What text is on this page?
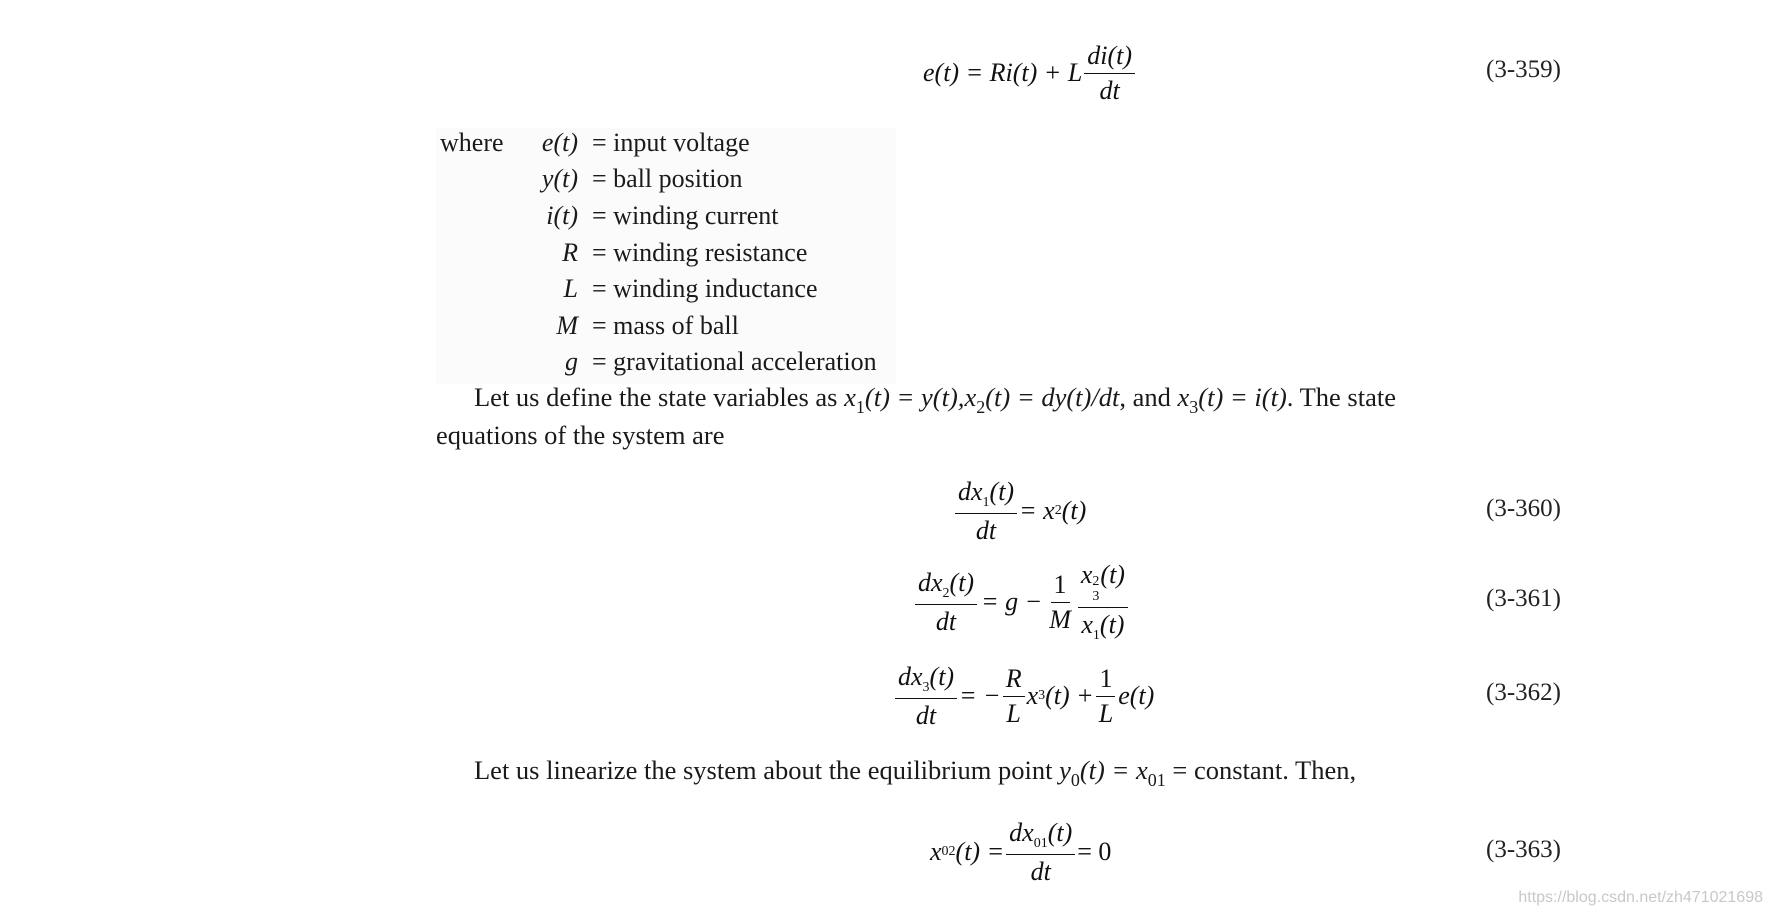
e(t) = Ri(t) + L $\frac{di(t)}{dt}$	(3-359)
where e(t) = input voltage
y(t) = ball position
i(t) = winding current
R = winding resistance
L = winding inductance
M = mass of ball
g = gravitational acceleration
Let us define the state variables as $x_1(t) = y(t),x_2(t) = dy(t)/dt$, and $x_3(t) = i(t)$. The state
equations of the system are
$\frac{dx_1(t)}{dt} = x$ 2 (t)	(3-360)
$\frac{dx_2(t)}{dt} = g - \frac{1}{M}$ x 2
3
(t)
$x_1(t)$	(3-361)
$\frac{dx_3(t)}{dt}$ = − $\frac{R}{L}$ x 3 $(t) + \frac{1}{L} e(t)$	(3-362)
Let us linearize the system about the equilibrium point $y_0(t) = x_{01}$ = constant. Then,
x 02 $(t) = \frac{dx_{01}(t)}{dt} = 0$	(3-363)
https://blog.csdn.net/zh471021698
